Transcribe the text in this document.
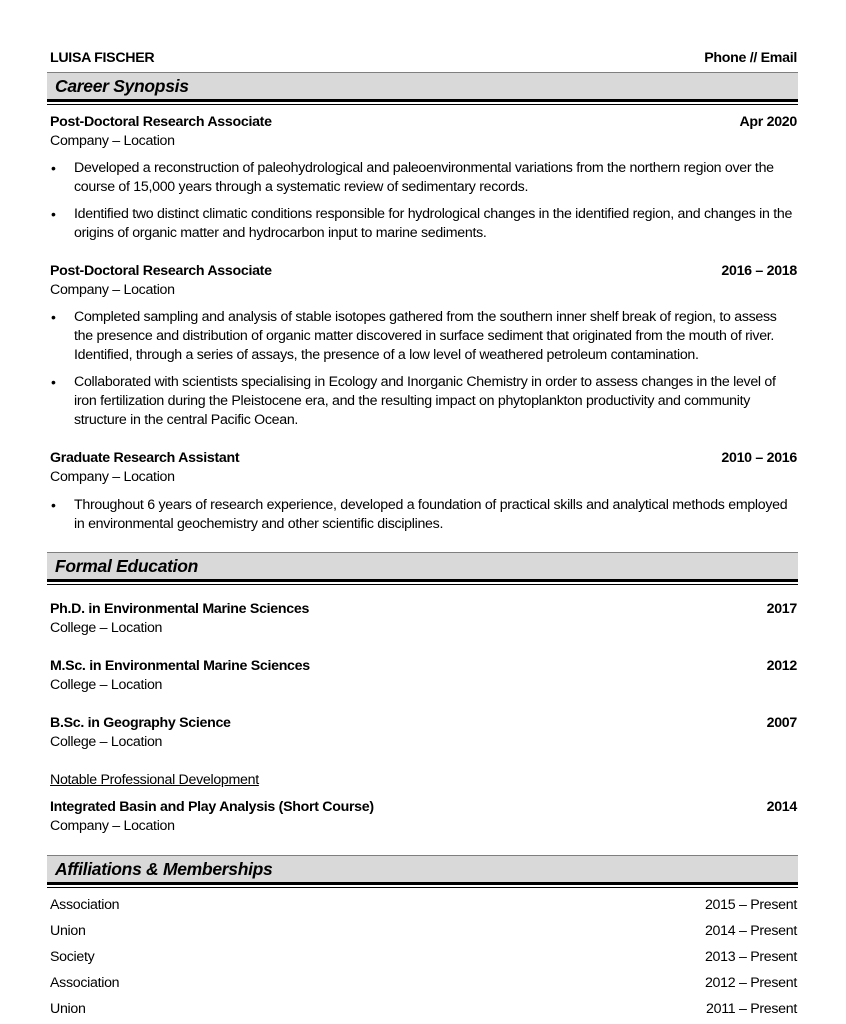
LUISA FISCHER	Phone // Email
Career Synopsis
Post-Doctoral Research Associate	Apr 2020
Company – Location
• Developed a reconstruction of paleohydrological and paleoenvironmental variations from the northern region over the course of 15,000 years through a systematic review of sedimentary records.
• Identified two distinct climatic conditions responsible for hydrological changes in the identified region, and changes in the origins of organic matter and hydrocarbon input to marine sediments.
Post-Doctoral Research Associate	2016 – 2018
Company – Location
• Completed sampling and analysis of stable isotopes gathered from the southern inner shelf break of region, to assess the presence and distribution of organic matter discovered in surface sediment that originated from the mouth of river. Identified, through a series of assays, the presence of a low level of weathered petroleum contamination.
• Collaborated with scientists specialising in Ecology and Inorganic Chemistry in order to assess changes in the level of iron fertilization during the Pleistocene era, and the resulting impact on phytoplankton productivity and community structure in the central Pacific Ocean.
Graduate Research Assistant	2010 – 2016
Company – Location
• Throughout 6 years of research experience, developed a foundation of practical skills and analytical methods employed in environmental geochemistry and other scientific disciplines.
Formal Education
Ph.D. in Environmental Marine Sciences	2017
College – Location
M.Sc. in Environmental Marine Sciences	2012
College – Location
B.Sc. in Geography Science	2007
College – Location
Notable Professional Development
Integrated Basin and Play Analysis (Short Course)	2014
Company – Location
Affiliations & Memberships
Association	2015 – Present
Union	2014 – Present
Society	2013 – Present
Association	2012 – Present
Union	2011 – Present
